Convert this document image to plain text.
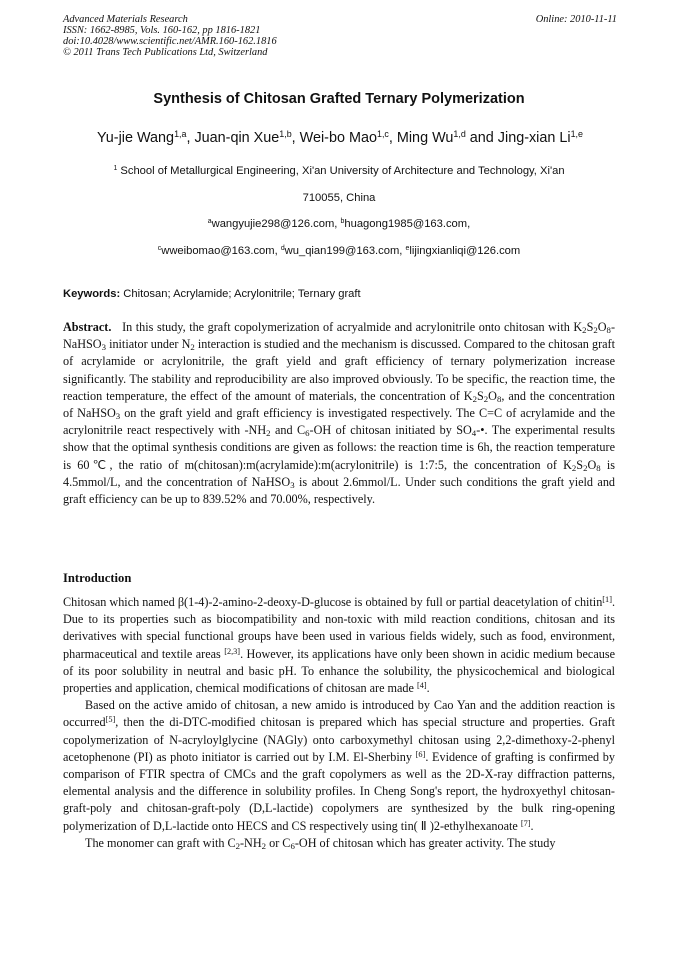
Advanced Materials Research
ISSN: 1662-8985, Vols. 160-162, pp 1816-1821
doi:10.4028/www.scientific.net/AMR.160-162.1816
© 2011 Trans Tech Publications Ltd, Switzerland
Online: 2010-11-11
Synthesis of Chitosan Grafted Ternary Polymerization
Yu-jie Wang$^{1,a}$, Juan-qin Xue$^{1,b}$, Wei-bo Mao$^{1,c}$, Ming Wu$^{1,d}$ and Jing-xian Li$^{1,e}$
$^1$ School of Metallurgical Engineering, Xi'an University of Architecture and Technology, Xi'an
710055, China
$^a$wangyujie298@126.com, $^b$huagong1985@163.com,
$^c$wweibomao@163.com, $^d$wu_qian199@163.com, $^e$lijingxianliqi@126.com
Keywords: Chitosan; Acrylamide; Acrylonitrile; Ternary graft

Abstract.   In this study, the graft copolymerization of acryalmide and acrylonitrile onto chitosan with $K_2S_2O_8-NaHSO_3$ initiator under $N_2$ interaction is studied and the mechanism is discussed. Compared to the chitosan graft of acrylamide or acrylonitrile, the graft yield and graft efficiency of ternary polymerization increase significantly. The stability and reproducibility are also improved obviously. To be specific, the reaction time, the reaction temperature, the effect of the amount of materials, the concentration of $K_2S_2O_8$, and the concentration of NaHSO$_3$ on the graft yield and graft efficiency is investigated respectively. The C=C of acrylamide and the acrylonitrile react respectively with $-NH_2$ and $C_6-OH$ of chitosan initiated by $SO_4-•$. The experimental results show that the optimal synthesis conditions are given as follows: the reaction time is 6h, the reaction temperature is 60℃, the ratio of m(chitosan):m(acrylamide):m(acrylonitrile) is 1:7:5, the concentration of $K_2S_2O_8$ is 4.5mmol/L, and the concentration of NaHSO$_3$ is about 2.6mmol/L. Under such conditions the graft yield and graft efficiency can be up to 839.52% and 70.00%, respectively.

Introduction

Chitosan which named β(1-4)-2-amino-2-deoxy-D-glucose is obtained by full or partial deacetylation of chitin[1]. Due to its properties such as biocompatibility and non-toxic with mild reaction conditions, chitosan and its derivatives with special functional groups have been used in various fields widely, such as food, environment, pharmaceutical and textile areas [2,3]. However, its applications have only been shown in acidic medium because of its poor solubility in neutral and basic pH. To enhance the solubility, the physicochemical and biological properties and application, chemical modifications of chitosan are made [4].

Based on the active amido of chitosan, a new amido is introduced by Cao Yan and the addition reaction is occurred[5], then the di-DTC-modified chitosan is prepared which has special structure and properties. Graft copolymerization of N-acryloylglycine (NAGly) onto carboxymethyl chitosan using 2,2-dimethoxy-2-phenyl acetophenone (PI) as photo initiator is carried out by I.M. El-Sherbiny [6]. Evidence of grafting is confirmed by comparison of FTIR spectra of CMCs and the graft copolymers as well as the 2D-X-ray diffraction patterns, elemental analysis and the difference in solubility profiles. In Cheng Song's report, the hydroxyethyl chitosan-graft-poly and chitosan-graft-poly (D,L-lactide) copolymers are synthesized by the bulk ring-opening polymerization of D,L-lactide onto HECS and CS respectively using tin( Ⅱ )2-ethylhexanoate [7].

The monomer can graft with $C_2-NH_2$ or $C_6-OH$ of chitosan which has greater activity. The study
